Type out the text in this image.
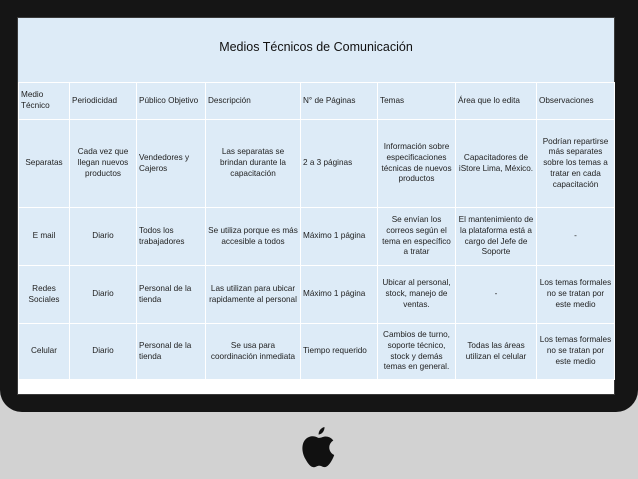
Medios Técnicos de Comunicación
Medio Técnico	Periodicidad	Público Objetivo	Descripción	N° de Páginas	Temas	Área que lo edita	Observaciones
Separatas	Cada vez que llegan nuevos productos	Vendedores y Cajeros	Las separatas se brindan durante la capacitación	2 a 3 páginas	Información sobre especificaciones técnicas de nuevos productos	Capacitadores de iStore Lima, México.	Podrían repartirse más separates sobre los temas a tratar en cada capacitación
E mail	Diario	Todos los trabajadores	Se utiliza porque es más accesible a todos	Máximo 1 página	Se envían los correos según el tema en específico a tratar	El mantenimiento de la plataforma está a cargo del Jefe de Soporte	-
Redes Sociales	Diario	Personal de la tienda	Las utilizan para ubicar rapidamente al personal	Máximo 1 página	Ubicar al personal, stock, manejo de ventas.	-	Los temas formales no se tratan por este medio
Celular	Diario	Personal de la tienda	Se usa para coordinación inmediata	Tiempo requerido	Cambios de turno, soporte técnico, stock y demás temas en general.	Todas las áreas utilizan el celular	Los temas formales no se tratan por este medio
